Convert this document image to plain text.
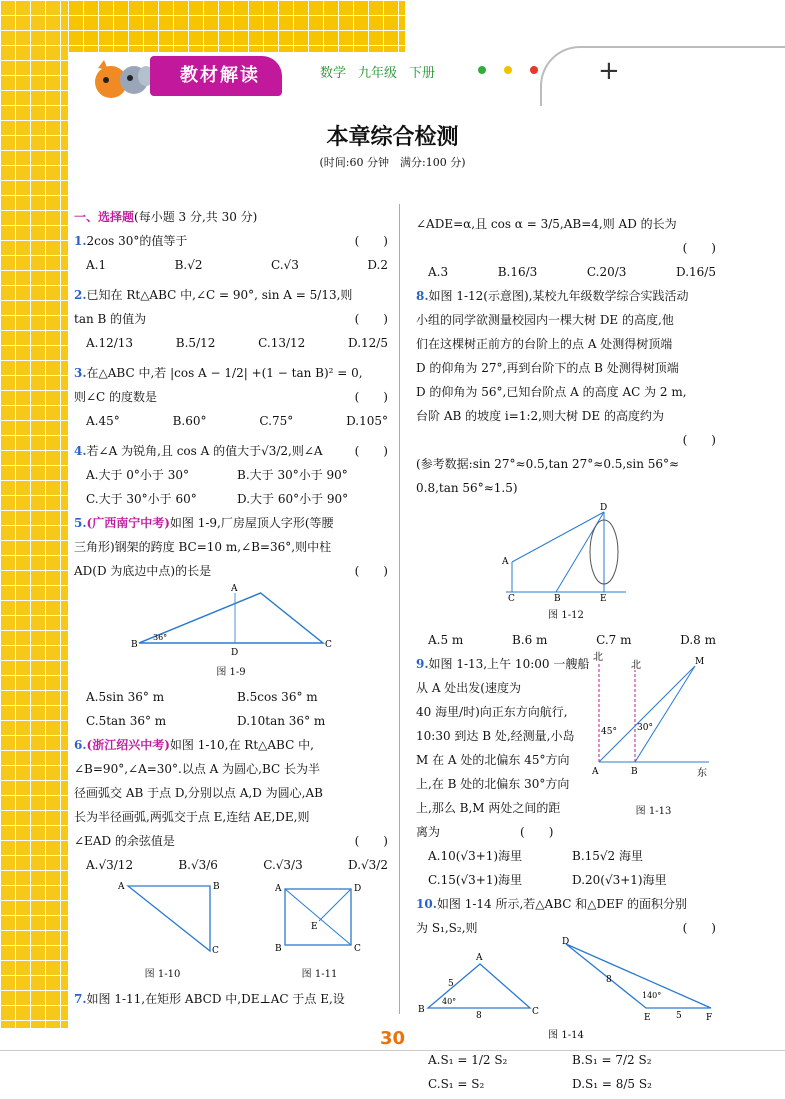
教材解读	数学 九年级 下册	+
本章综合检测
(时间:60 分钟　满分:100 分)
一、选择题(每小题 3 分,共 30 分)
1.2cos 30°的值等于	(　　)
A.1	B.√2	C.√3	D.2
2.已知在 Rt△ABC 中,∠C = 90°, sin A = 5/13,则
tan B 的值为	(　　)
A.12/13	B.5/12	C.13/12	D.12/5
3.在△ABC 中,若 |cos A − 1/2| +(1 − tan B)² = 0,
则∠C 的度数是	(　　)
A.45°	B.60°	C.75°	D.105°
4.若∠A 为锐角,且 cos A 的值大于√3/2,则∠A	(　　)
A.大于 0°小于 30°	B.大于 30°小于 90°
C.大于 30°小于 60°	D.大于 60°小于 90°
5.(广西南宁中考)如图 1-9,厂房屋顶人字形(等腰
三角形)钢架的跨度 BC=10 m,∠B=36°,则中柱
AD(D 为底边中点)的长是	(　　)
A
B	C
D
36°
图 1-9
A.5sin 36° m	B.5cos 36° m
C.5tan 36° m	D.10tan 36° m
6.(浙江绍兴中考)如图 1-10,在 Rt△ABC 中,
∠B=90°,∠A=30°.以点 A 为圆心,BC 长为半
径画弧交 AB 于点 D,分别以点 A,D 为圆心,AB
长为半径画弧,两弧交于点 E,连结 AE,DE,则
∠EAD 的余弦值是	(　　)
A.√3/12	B.√3/6	C.√3/3	D.√3/2
A	B
C
图 1-10
A	D
B	C
E
图 1-11
7.如图 1-11,在矩形 ABCD 中,DE⊥AC 于点 E,设
∠ADE=α,且 cos α = 3/5,AB=4,则 AD 的长为
(　　)
A.3	B.16/3	C.20/3	D.16/5
8.如图 1-12(示意图),某校九年级数学综合实践活动
小组的同学欲测量校园内一棵大树 DE 的高度,他
们在这棵树正前方的台阶上的点 A 处测得树顶端
D 的仰角为 27°,再到台阶下的点 B 处测得树顶端
D 的仰角为 56°,已知台阶点 A 的高度 AC 为 2 m,
台阶 AB 的坡度 i=1:2,则大树 DE 的高度约为
(　　)
(参考数据:sin 27°≈0.5,tan 27°≈0.5,sin 56°≈
0.8,tan 56°≈1.5)
A
D
C	B	E
图 1-12
A.5 m	B.6 m	C.7 m	D.8 m
9.如图 1-13,上午 10:00 一艘船
从 A 处出发(速度为
40 海里/时)向正东方向航行,
10:30 到达 B 处,经测量,小岛
M 在 A 处的北偏东 45°方向
上,在 B 处的北偏东 30°方向
上,那么 B,M 两处之间的距
离为	(　　)
北
北
东
45° 30°
A	B
M
图 1-13
A.10(√3+1)海里	B.15√2 海里
C.15(√3+1)海里	D.20(√3+1)海里
10.如图 1-14 所示,若△ABC 和△DEF 的面积分别
为 S₁,S₂,则	(　　)
B
A
C
D
E	F
5
8
40°
8
5
140°
图 1-14
A.S₁ = 1/2 S₂	B.S₁ = 7/2 S₂
C.S₁ = S₂	D.S₁ = 8/5 S₂
30
